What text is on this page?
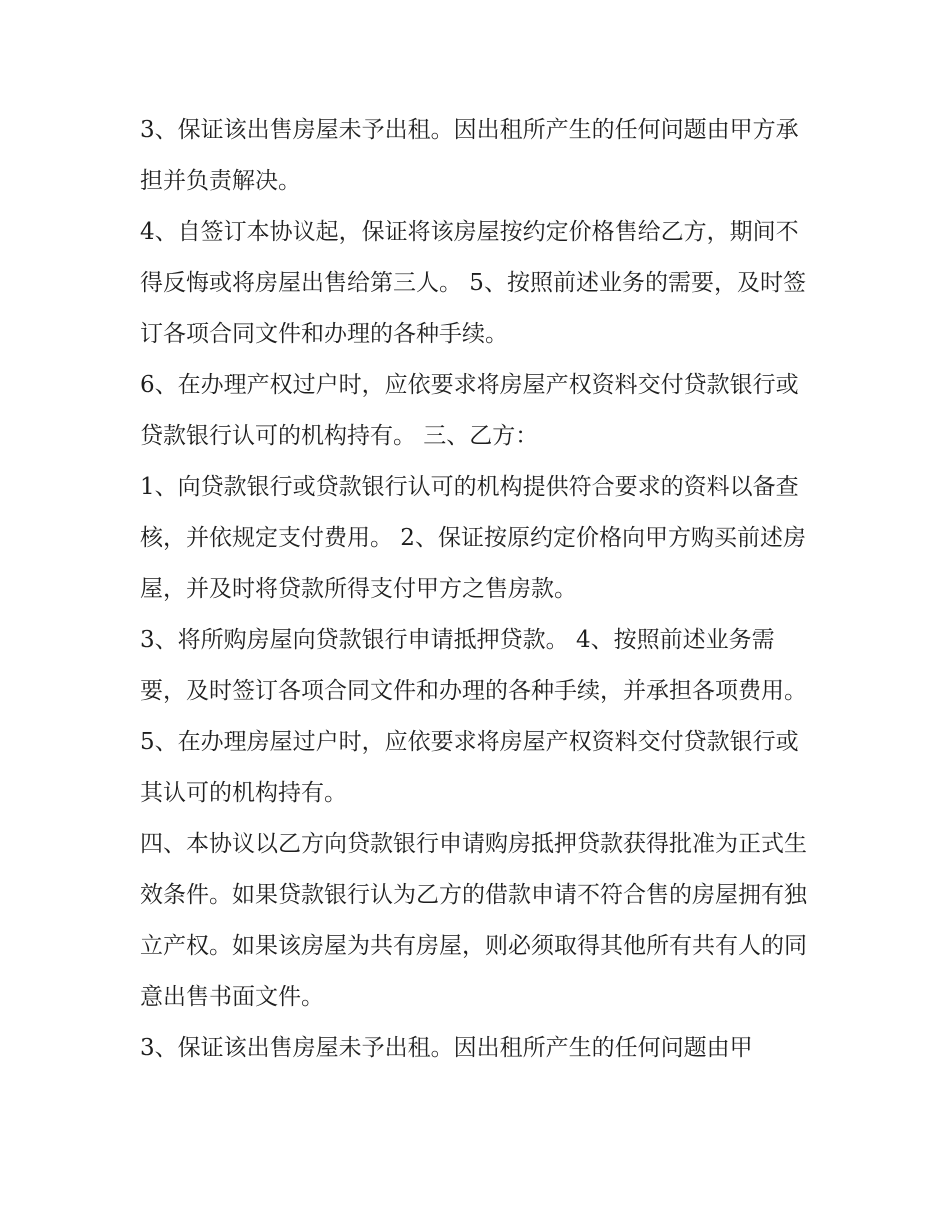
3、保证该出售房屋未予出租。因出租所产生的任何问题由甲方承担并负责解决。

4、自签订本协议起，保证将该房屋按约定价格售给乙方，期间不得反悔或将房屋出售给第三人。 5、按照前述业务的需要，及时签订各项合同文件和办理的各种手续。

6、在办理产权过户时，应依要求将房屋产权资料交付贷款银行或贷款银行认可的机构持有。 三、乙方：

1、向贷款银行或贷款银行认可的机构提供符合要求的资料以备查核，并依规定支付费用。 2、保证按原约定价格向甲方购买前述房屋，并及时将贷款所得支付甲方之售房款。

3、将所购房屋向贷款银行申请抵押贷款。 4、按照前述业务需要，及时签订各项合同文件和办理的各种手续，并承担各项费用。

5、在办理房屋过户时，应依要求将房屋产权资料交付贷款银行或其认可的机构持有。

四、本协议以乙方向贷款银行申请购房抵押贷款获得批准为正式生效条件。如果贷款银行认为乙方的借款申请不符合售的房屋拥有独立产权。如果该房屋为共有房屋，则必须取得其他所有共有人的同意出售书面文件。

3、保证该出售房屋未予出租。因出租所产生的任何问题由甲
